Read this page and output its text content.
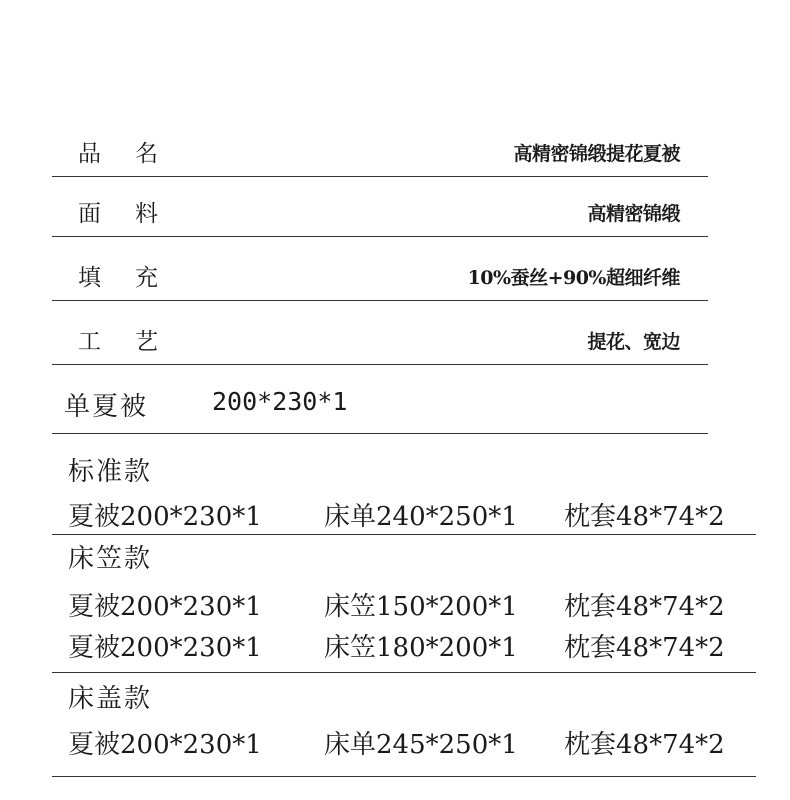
品 名	高精密锦缎提花夏被
面 料	高精密锦缎
填 充	10%蚕丝+90%超细纤维
工 艺	提花、宽边
单夏被	200*230*1
标准款
夏被200*230*1	床单240*250*1	枕套48*74*2
床笠款
夏被200*230*1	床笠150*200*1	枕套48*74*2
夏被200*230*1	床笠180*200*1	枕套48*74*2
床盖款
夏被200*230*1	床单245*250*1	枕套48*74*2
